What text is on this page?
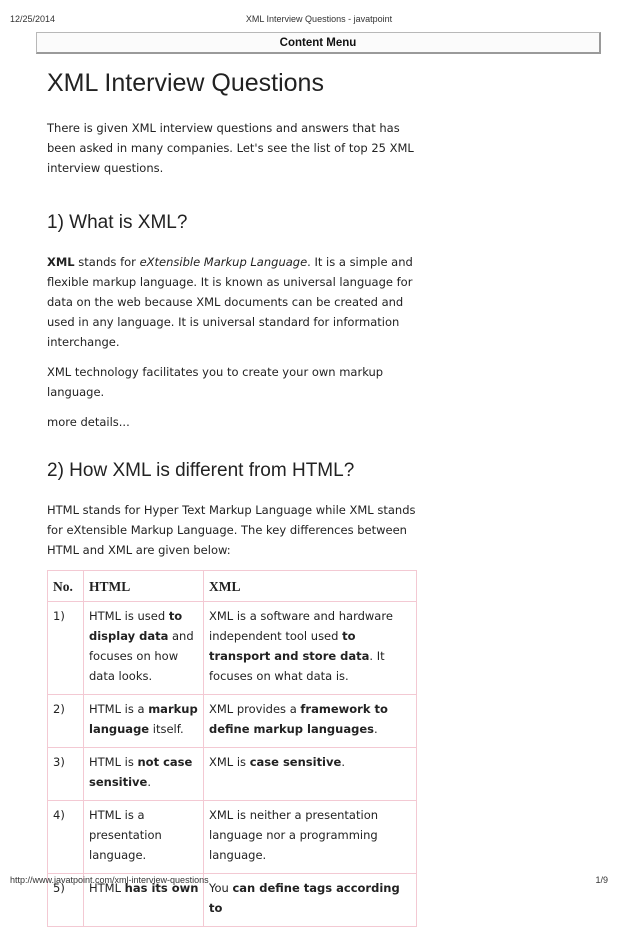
12/25/2014	XML Interview Questions - javatpoint
Content Menu
XML Interview Questions

There is given XML interview questions and answers that has been asked in many companies. Let's see the list of top 25 XML interview questions.

1) What is XML?

XML stands for eXtensible Markup Language. It is a simple and flexible markup language. It is known as universal language for data on the web because XML documents can be created and used in any language. It is universal standard for information interchange.

XML technology facilitates you to create your own markup language.

more details...

2) How XML is different from HTML?

HTML stands for Hyper Text Markup Language while XML stands for eXtensible Markup Language. The key differences between HTML and XML are given below:

No.	HTML	XML
1)	HTML is used to display data and focuses on how data looks.	XML is a software and hardware independent tool used to transport and store data. It focuses on what data is.
2)	HTML is a markup language itself.	XML provides a framework to define markup languages.
3)	HTML is not case sensitive.	XML is case sensitive.
4)	HTML is a presentation language.	XML is neither a presentation language nor a programming language.
5)	HTML has its own	You can define tags according to
http://www.javatpoint.com/xml-interview-questions	1/9
